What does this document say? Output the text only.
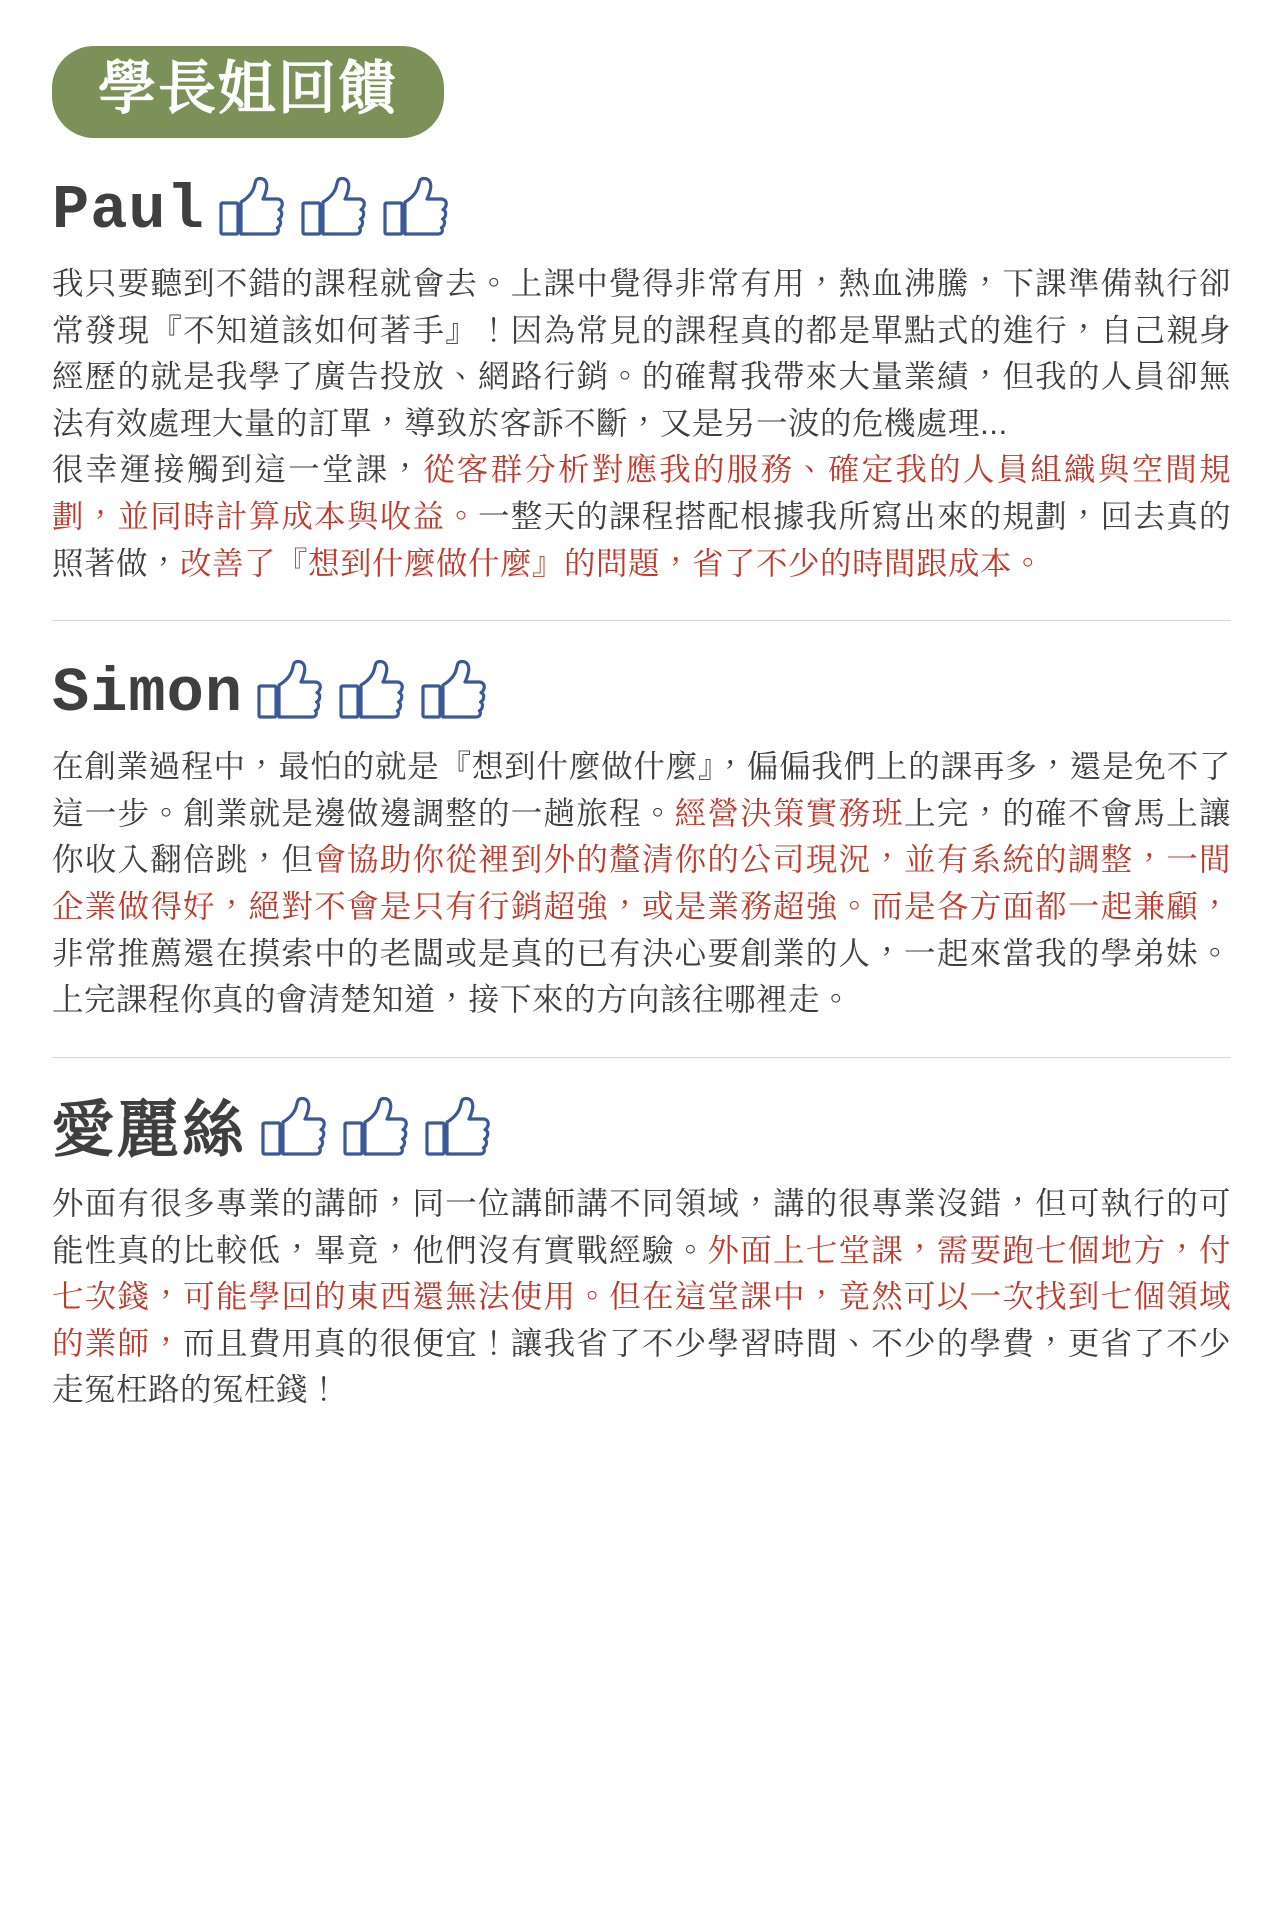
學長姐回饋
Paul

我只要聽到不錯的課程就會去。上課中覺得非常有用，熱血沸騰，下課準備執行卻常發現『不知道該如何著手』！因為常見的課程真的都是單點式的進行，自己親身經歷的就是我學了廣告投放、網路行銷。的確幫我帶來大量業績，但我的人員卻無法有效處理大量的訂單，導致於客訴不斷，又是另一波的危機處理...

很幸運接觸到這一堂課，從客群分析對應我的服務、確定我的人員組織與空間規劃，並同時計算成本與收益。一整天的課程搭配根據我所寫出來的規劃，回去真的照著做，改善了『想到什麼做什麼』的問題，省了不少的時間跟成本。

Simon

在創業過程中，最怕的就是『想到什麼做什麼』，偏偏我們上的課再多，還是免不了這一步。創業就是邊做邊調整的一趟旅程。經營決策實務班上完，的確不會馬上讓你收入翻倍跳，但會協助你從裡到外的釐清你的公司現況，並有系統的調整，一間企業做得好，絕對不會是只有行銷超強，或是業務超強。而是各方面都一起兼顧，非常推薦還在摸索中的老闆或是真的已有決心要創業的人，一起來當我的學弟妹。上完課程你真的會清楚知道，接下來的方向該往哪裡走。

愛麗絲

外面有很多專業的講師，同一位講師講不同領域，講的很專業沒錯，但可執行的可能性真的比較低，畢竟，他們沒有實戰經驗。外面上七堂課，需要跑七個地方，付七次錢，可能學回的東西還無法使用。但在這堂課中，竟然可以一次找到七個領域的業師，而且費用真的很便宜！讓我省了不少學習時間、不少的學費，更省了不少走冤枉路的冤枉錢！
